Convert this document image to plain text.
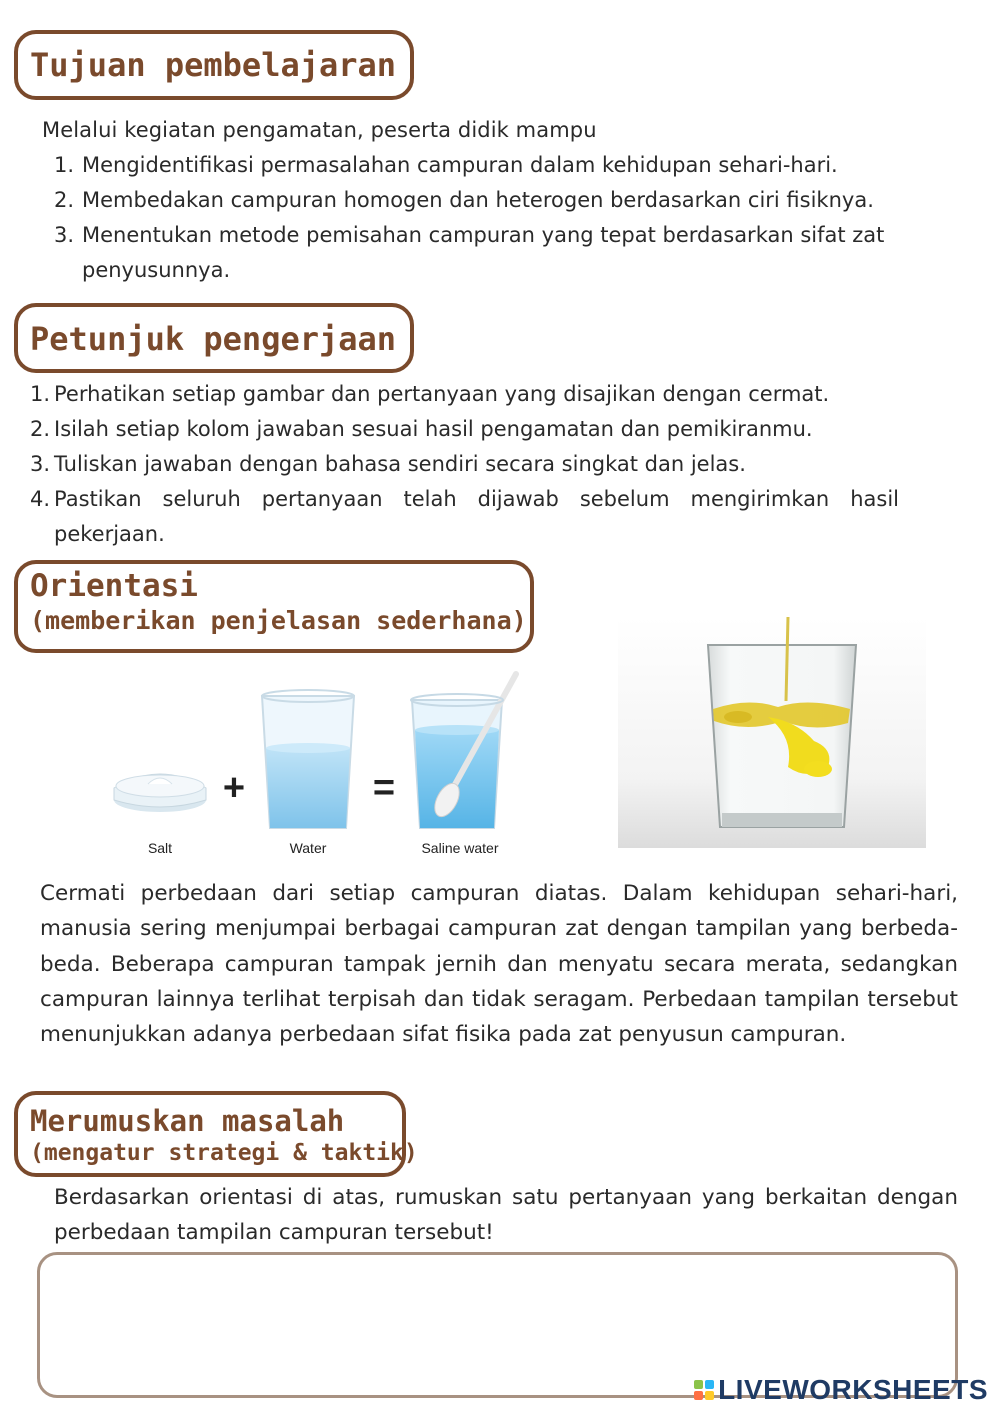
Tujuan pembelajaran
Melalui kegiatan pengamatan, peserta didik mampu
1. Mengidentifikasi permasalahan campuran dalam kehidupan sehari-hari.
2. Membedakan campuran homogen dan heterogen berdasarkan ciri fisiknya.
3. Menentukan metode pemisahan campuran yang tepat berdasarkan sifat zat penyusunnya.
Petunjuk pengerjaan
1. Perhatikan setiap gambar dan pertanyaan yang disajikan dengan cermat.
2. Isilah setiap kolom jawaban sesuai hasil pengamatan dan pemikiranmu.
3. Tuliskan jawaban dengan bahasa sendiri secara singkat dan jelas.
4. Pastikan seluruh pertanyaan telah dijawab sebelum mengirimkan hasil pekerjaan.
Orientasi
(memberikan penjelasan sederhana)
+	=
Salt	Water	Saline water
Cermati perbedaan dari setiap campuran diatas. Dalam kehidupan sehari-hari, manusia sering menjumpai berbagai campuran zat dengan tampilan yang berbeda-beda. Beberapa campuran tampak jernih dan menyatu secara merata, sedangkan campuran lainnya terlihat terpisah dan tidak seragam. Perbedaan tampilan tersebut menunjukkan adanya perbedaan sifat fisika pada zat penyusun campuran.
Merumuskan masalah
(mengatur strategi & taktik)
Berdasarkan orientasi di atas, rumuskan satu pertanyaan yang berkaitan dengan perbedaan tampilan campuran tersebut!
LIVEWORKSHEETS
